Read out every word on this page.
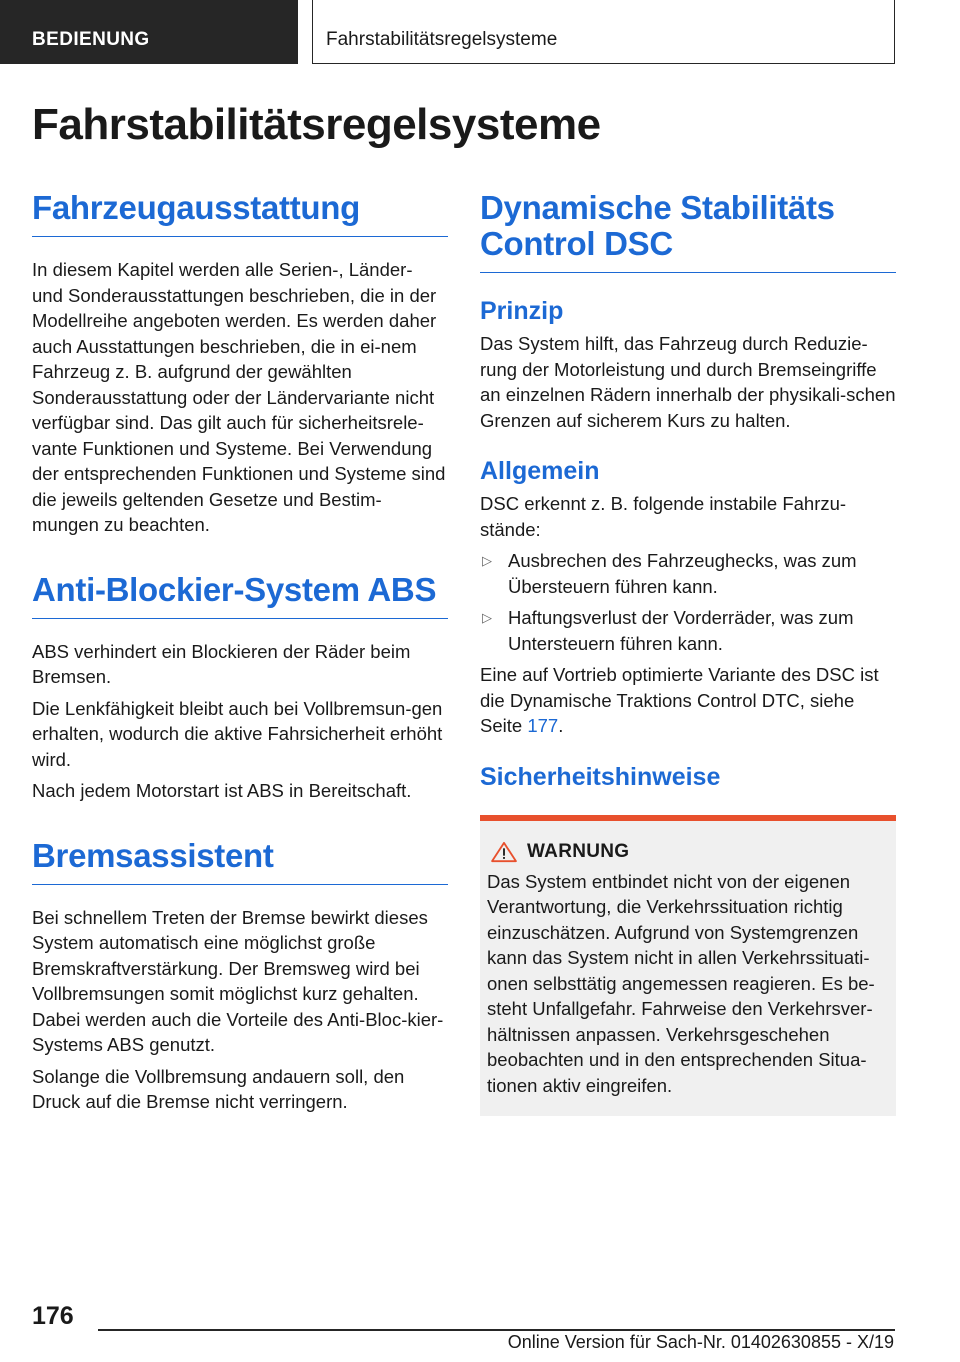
BEDIENUNG	Fahrstabilitätsregelsysteme
Fahrstabilitätsregelsysteme
Fahrzeugausstattung

In diesem Kapitel werden alle Serien-, Länder- und Sonderausstattungen beschrieben, die in der Modellreihe angeboten werden. Es werden daher auch Ausstattungen beschrieben, die in ei-nem Fahrzeug z. B. aufgrund der gewählten Sonderausstattung oder der Ländervariante nicht verfügbar sind. Das gilt auch für sicherheitsrele-vante Funktionen und Systeme. Bei Verwendung der entsprechenden Funktionen und Systeme sind die jeweils geltenden Gesetze und Bestim-mungen zu beachten.

Anti-Blockier-System ABS

ABS verhindert ein Blockieren der Räder beim Bremsen.

Die Lenkfähigkeit bleibt auch bei Vollbremsun-gen erhalten, wodurch die aktive Fahrsicherheit erhöht wird.

Nach jedem Motorstart ist ABS in Bereitschaft.

Bremsassistent

Bei schnellem Treten der Bremse bewirkt dieses System automatisch eine möglichst große Bremskraftverstärkung. Der Bremsweg wird bei Vollbremsungen somit möglichst kurz gehalten. Dabei werden auch die Vorteile des Anti-Bloc-kier-Systems ABS genutzt.

Solange die Vollbremsung andauern soll, den Druck auf die Bremse nicht verringern.

Dynamische Stabilitäts Control DSC
Prinzip

Das System hilft, das Fahrzeug durch Reduzie-rung der Motorleistung und durch Bremseingriffe an einzelnen Rädern innerhalb der physikali-schen Grenzen auf sicherem Kurs zu halten.

Allgemein

DSC erkennt z. B. folgende instabile Fahrzu-stände:

▷ Ausbrechen des Fahrzeughecks, was zum Übersteuern führen kann.
▷ Haftungsverlust der Vorderräder, was zum Untersteuern führen kann.

Eine auf Vortrieb optimierte Variante des DSC ist die Dynamische Traktions Control DTC, siehe Seite 177.

Sicherheitshinweise
WARNUNG

Das System entbindet nicht von der eigenen Verantwortung, die Verkehrssituation richtig einzuschätzen. Aufgrund von Systemgrenzen kann das System nicht in allen Verkehrssituati-onen selbsttätig angemessen reagieren. Es be-steht Unfallgefahr. Fahrweise den Verkehrsver-hältnissen anpassen. Verkehrsgeschehen beobachten und in den entsprechenden Situa-tionen aktiv eingreifen.

176
Online Version für Sach-Nr. 01402630855 - X/19
